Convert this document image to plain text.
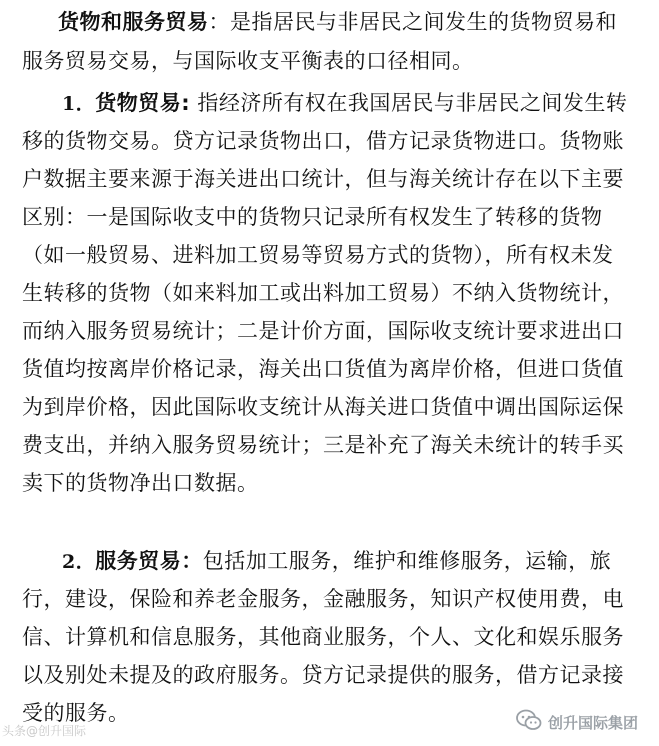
货物和服务贸易：是指居民与非居民之间发生的货物贸易和
服务贸易交易，与国际收支平衡表的口径相同。
1．货物贸易: 指经济所有权在我国居民与非居民之间发生转
移的货物交易。贷方记录货物出口，借方记录货物进口。货物账
户数据主要来源于海关进出口统计，但与海关统计存在以下主要
区别：一是国际收支中的货物只记录所有权发生了转移的货物
（如一般贸易、进料加工贸易等贸易方式的货物），所有权未发
生转移的货物（如来料加工或出料加工贸易）不纳入货物统计，
而纳入服务贸易统计；二是计价方面，国际收支统计要求进出口
货值均按离岸价格记录，海关出口货值为离岸价格，但进口货值
为到岸价格，因此国际收支统计从海关进口货值中调出国际运保
费支出，并纳入服务贸易统计；三是补充了海关未统计的转手买
卖下的货物净出口数据。
2．服务贸易：包括加工服务，维护和维修服务，运输，旅
行，建设，保险和养老金服务，金融服务，知识产权使用费，电
信、计算机和信息服务，其他商业服务，个人、文化和娱乐服务
以及别处未提及的政府服务。贷方记录提供的服务，借方记录接
受的服务。
头条@创升国际	创升国际集团
